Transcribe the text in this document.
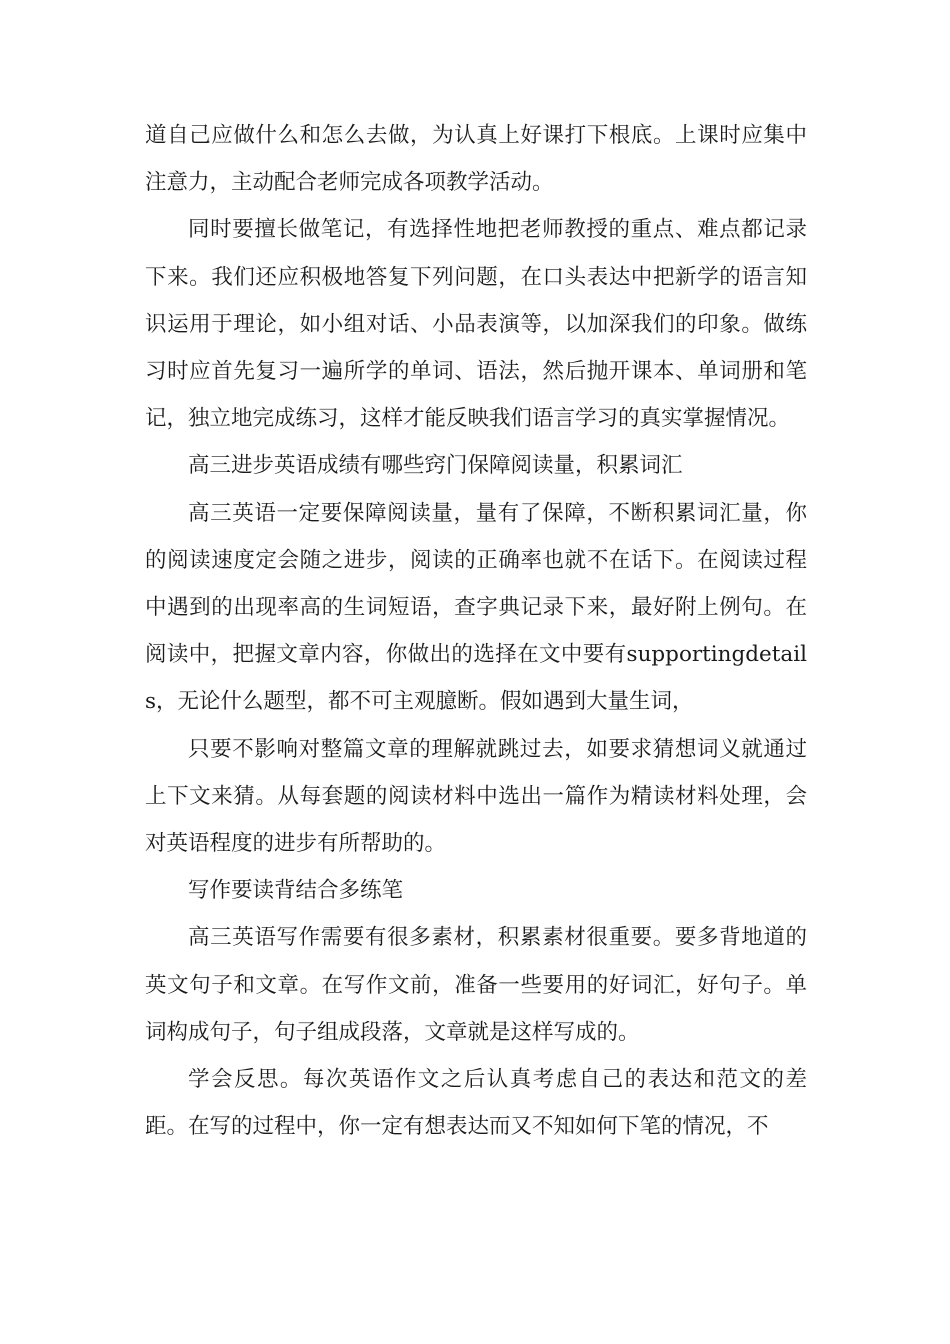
道自己应做什么和怎么去做，为认真上好课打下根底。上课时应集中注意力，主动配合老师完成各项教学活动。

同时要擅长做笔记，有选择性地把老师教授的重点、难点都记录下来。我们还应积极地答复下列问题，在口头表达中把新学的语言知识运用于理论，如小组对话、小品表演等，以加深我们的印象。做练习时应首先复习一遍所学的单词、语法，然后抛开课本、单词册和笔记，独立地完成练习，这样才能反映我们语言学习的真实掌握情况。

高三进步英语成绩有哪些窍门保障阅读量，积累词汇

高三英语一定要保障阅读量，量有了保障，不断积累词汇量，你的阅读速度定会随之进步，阅读的正确率也就不在话下。在阅读过程中遇到的出现率高的生词短语，查字典记录下来，最好附上例句。在阅读中，把握文章内容，你做出的选择在文中要有supportingdetails，无论什么题型，都不可主观臆断。假如遇到大量生词，

只要不影响对整篇文章的理解就跳过去，如要求猜想词义就通过上下文来猜。从每套题的阅读材料中选出一篇作为精读材料处理，会对英语程度的进步有所帮助的。

写作要读背结合多练笔

高三英语写作需要有很多素材，积累素材很重要。要多背地道的英文句子和文章。在写作文前，准备一些要用的好词汇，好句子。单词构成句子，句子组成段落，文章就是这样写成的。

学会反思。每次英语作文之后认真考虑自己的表达和范文的差距。在写的过程中，你一定有想表达而又不知如何下笔的情况，不
